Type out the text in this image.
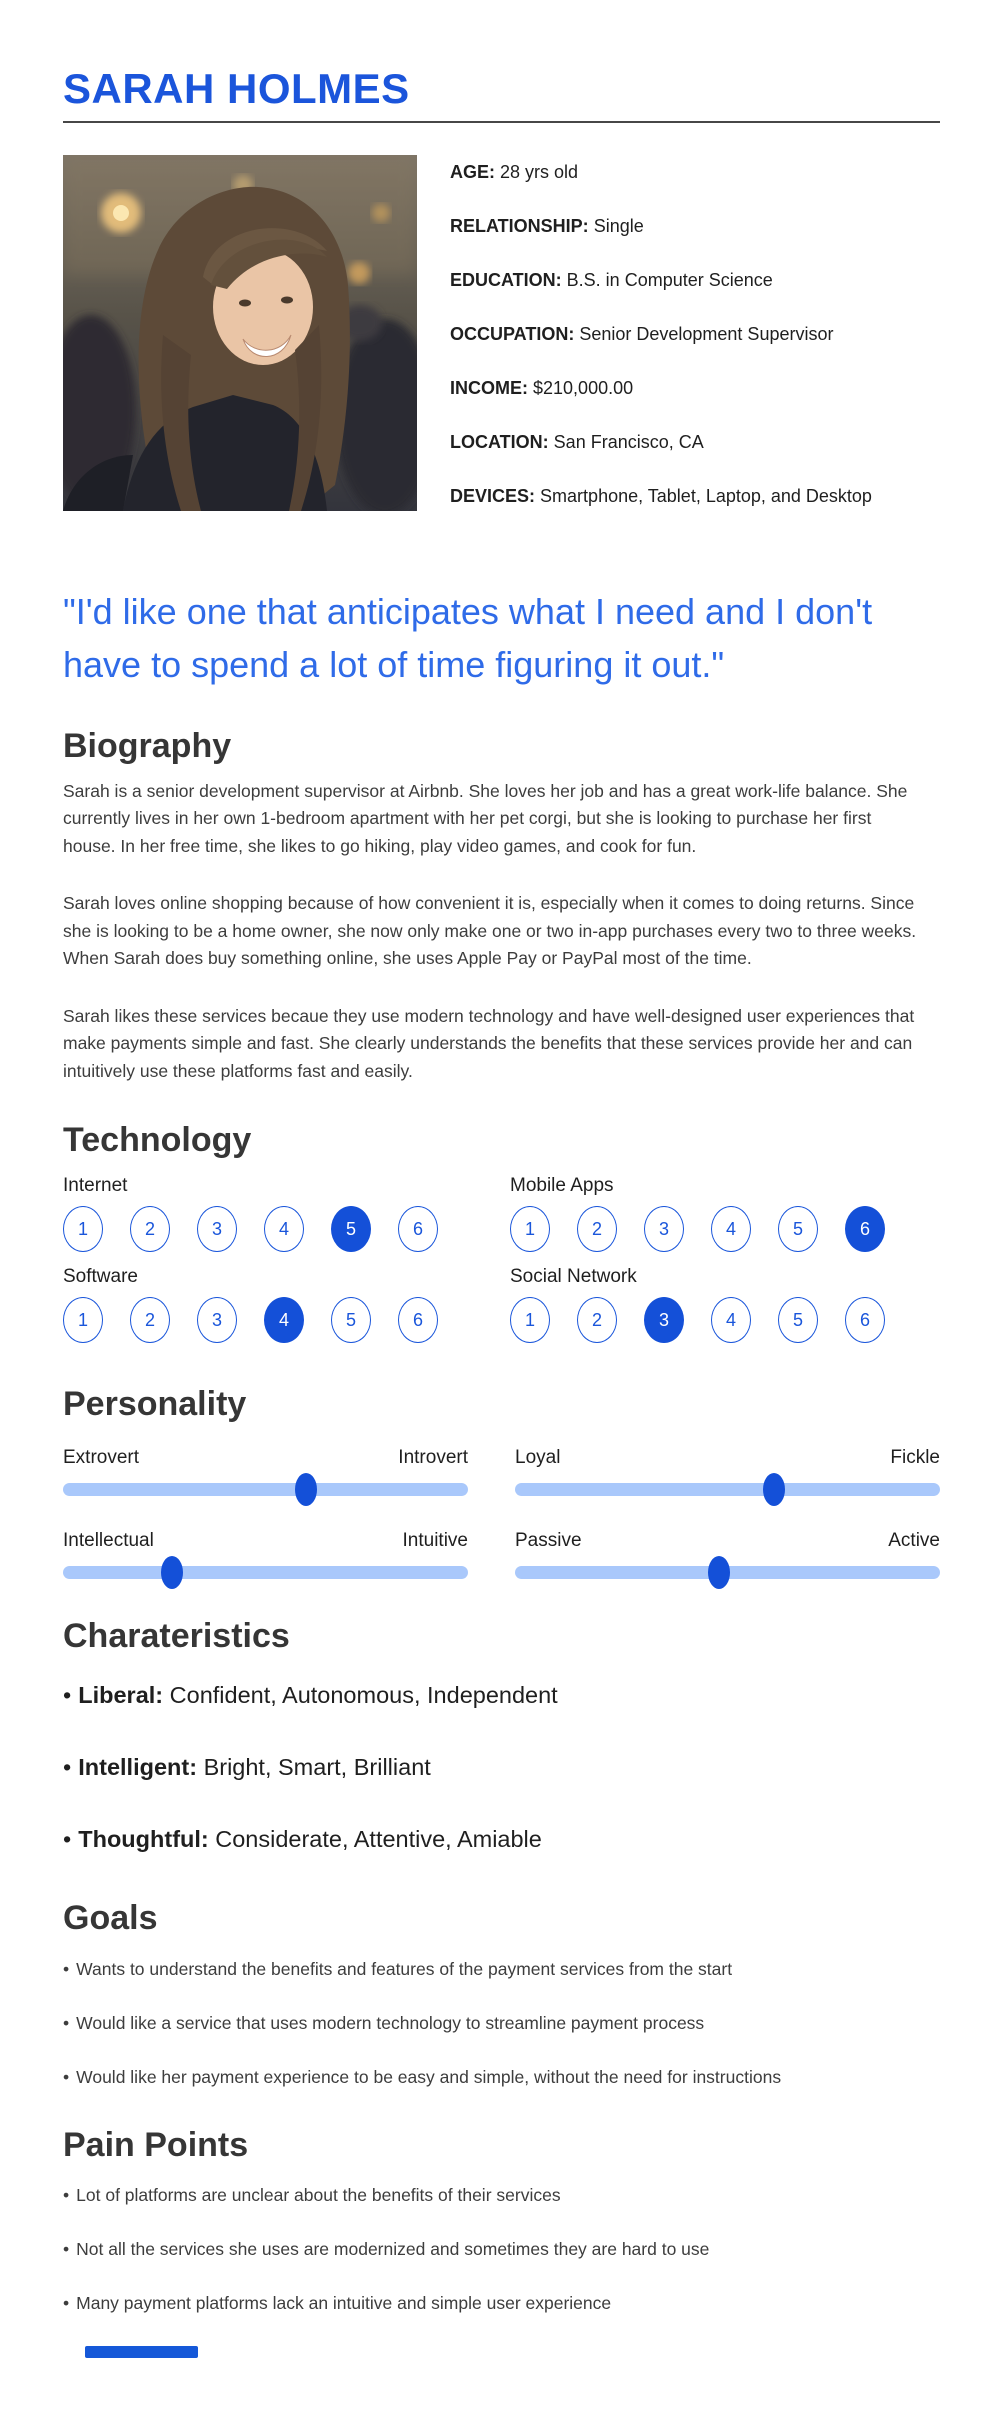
SARAH HOLMES
AGE: 28 yrs old
RELATIONSHIP: Single
EDUCATION: B.S. in Computer Science
OCCUPATION: Senior Development Supervisor
INCOME: $210,000.00
LOCATION: San Francisco, CA
DEVICES: Smartphone, Tablet, Laptop, and Desktop
"I'd like one that anticipates what I need and I don't have to spend a lot of time figuring it out."
Biography

Sarah is a senior development supervisor at Airbnb. She loves her job and has a great work-life balance. She currently lives in her own 1-bedroom apartment with her pet corgi, but she is looking to purchase her first house. In her free time, she likes to go hiking, play video games, and cook for fun.

Sarah loves online shopping because of how convenient it is, especially when it comes to doing returns. Since she is looking to be a home owner, she now only make one or two in-app purchases every two to three weeks. When Sarah does buy something online, she uses Apple Pay or PayPal most of the time.

Sarah likes these services becaue they use modern technology and have well-designed user experiences that make payments simple and fast. She clearly understands the benefits that these services provide her and can intuitively use these platforms fast and easily.

Technology
Internet
1	2	3	4	5	6
Mobile Apps
1	2	3	4	5	6
Software
1	2	3	4	5	6
Social Network
1	2	3	4	5	6
Personality
Extrovert	Introvert Loyal	Fickle
Intellectual	Intuitive Passive	Active
Charateristics
• Liberal: Confident, Autonomous, Independent
• Intelligent: Bright, Smart, Brilliant
• Thoughtful: Considerate, Attentive, Amiable
Goals
• Wants to understand the benefits and features of the payment services from the start
• Would like a service that uses modern technology to streamline payment process
• Would like her payment experience to be easy and simple, without the need for instructions
Pain Points
• Lot of platforms are unclear about the benefits of their services
• Not all the services she uses are modernized and sometimes they are hard to use
• Many payment platforms lack an intuitive and simple user experience
